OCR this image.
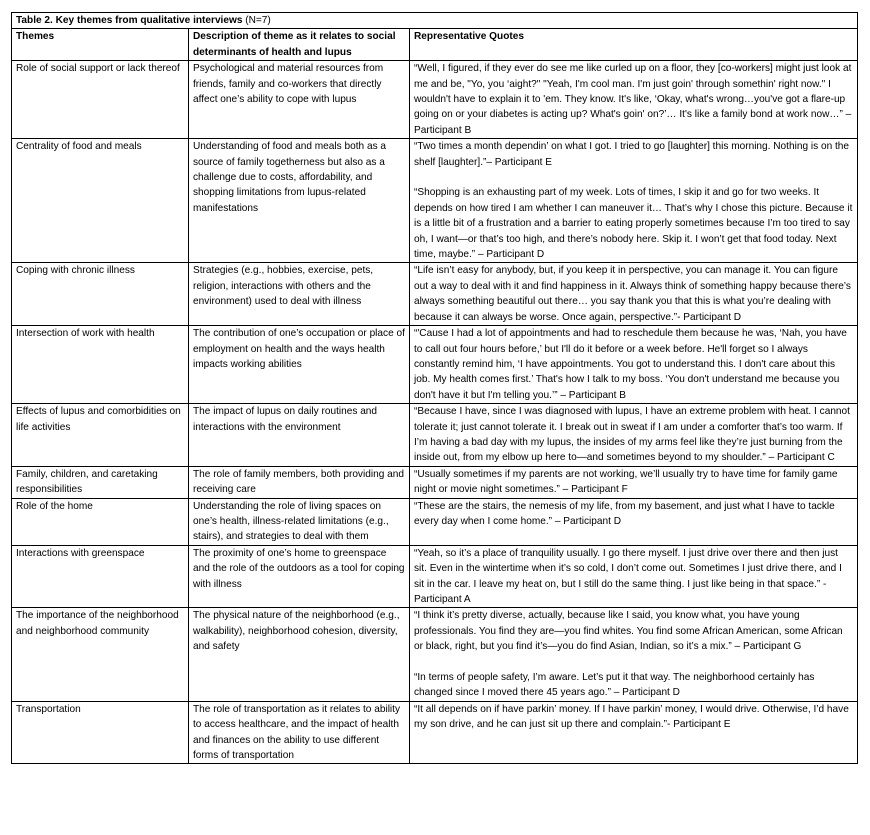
Table 2. Key themes from qualitative interviews (N=7)		
Themes	Description of theme as it relates to social determinants of health and lupus	Representative Quotes
Role of social support or lack thereof	Psychological and material resources from friends, family and co-workers that directly affect one’s ability to cope with lupus	“Well, I figured, if they ever do see me like curled up on a floor, they [co-workers] might just look at me and be, "Yo, you ‘aight?" "Yeah, I'm cool man. I'm just goin' through somethin' right now." I wouldn't have to explain it to 'em. They know. It's like, ‘Okay, what's wrong…you've got a flare-up going on or your diabetes is acting up? What's goin' on?’… It's like a family bond at work now…” – Participant B

Centrality of food and meals	Understanding of food and meals both as a source of family togetherness but also as a challenge due to costs, affordability, and shopping limitations from lupus-related manifestations	“Two times a month dependin’ on what I got. I tried to go [laughter] this morning. Nothing is on the shelf [laughter].”– Participant E
“Shopping is an exhausting part of my week. Lots of times, I skip it and go for two weeks. It depends on how tired I am whether I can maneuver it… That’s why I chose this picture. Because it is a little bit of a frustration and a barrier to eating properly sometimes because I’m too tired to say oh, I want—or that’s too high, and there’s nobody here. Skip it. I won’t get that food today. Next time, maybe.” – Participant D

Coping with chronic illness	Strategies (e.g., hobbies, exercise, pets, religion, interactions with others and the environment) used to deal with illness	“Life isn’t easy for anybody, but, if you keep it in perspective, you can manage it. You can figure out a way to deal with it and find happiness in it. Always think of something happy because there’s always something beautiful out there… you say thank you that this is what you’re dealing with because it can always be worse. Once again, perspective.”- Participant D

Intersection of work with health	The contribution of one’s occupation or place of employment on health and the ways health impacts working abilities	“'Cause I had a lot of appointments and had to reschedule them because he was, ‘Nah, you have to call out four hours before,’ but I'll do it before or a week before. He'll forget so I always constantly remind him, ‘I have appointments. You got to understand this. I don't care about this job. My health comes first.’ That's how I talk to my boss. ‘You don't understand me because you don't have it but I'm telling you.’” – Participant B

Effects of lupus and comorbidities on life activities	The impact of lupus on daily routines and interactions with the environment	“Because I have, since I was diagnosed with lupus, I have an extreme problem with heat. I cannot tolerate it; just cannot tolerate it. I break out in sweat if I am under a comforter that’s too warm. If I’m having a bad day with my lupus, the insides of my arms feel like they’re just burning from the inside out, from my elbow up here to—and sometimes beyond to my shoulder.” – Participant C

Family, children, and caretaking responsibilities	The role of family members, both providing and receiving care	“Usually sometimes if my parents are not working, we’ll usually try to have time for family game night or movie night sometimes.” – Participant F

Role of the home	Understanding the role of living spaces on one’s health, illness-related limitations (e.g., stairs), and strategies to deal with them	“These are the stairs, the nemesis of my life, from my basement, and just what I have to tackle every day when I come home.” – Participant D

Interactions with greenspace	The proximity of one’s home to greenspace and the role of the outdoors as a tool for coping with illness	“Yeah, so it’s a place of tranquility usually. I go there myself. I just drive over there and then just sit. Even in the wintertime when it’s so cold, I don’t come out. Sometimes I just drive there, and I sit in the car. I leave my heat on, but I still do the same thing. I just like being in that space.” - Participant A

The importance of the neighborhood and neighborhood community	The physical nature of the neighborhood (e.g., walkability), neighborhood cohesion, diversity, and safety	“I think it’s pretty diverse, actually, because like I said, you know what, you have young professionals. You find they are—you find whites. You find some African American, some African or black, right, but you find it’s—you do find Asian, Indian, so it’s a mix.” – Participant G
“In terms of people safety, I’m aware. Let’s put it that way. The neighborhood certainly has changed since I moved there 45 years ago.” – Participant D

Transportation	The role of transportation as it relates to ability to access healthcare, and the impact of health and finances on the ability to use different forms of transportation	“It all depends on if have parkin’ money. If I have parkin’ money, I would drive. Otherwise, I’d have my son drive, and he can just sit up there and complain.”- Participant E
